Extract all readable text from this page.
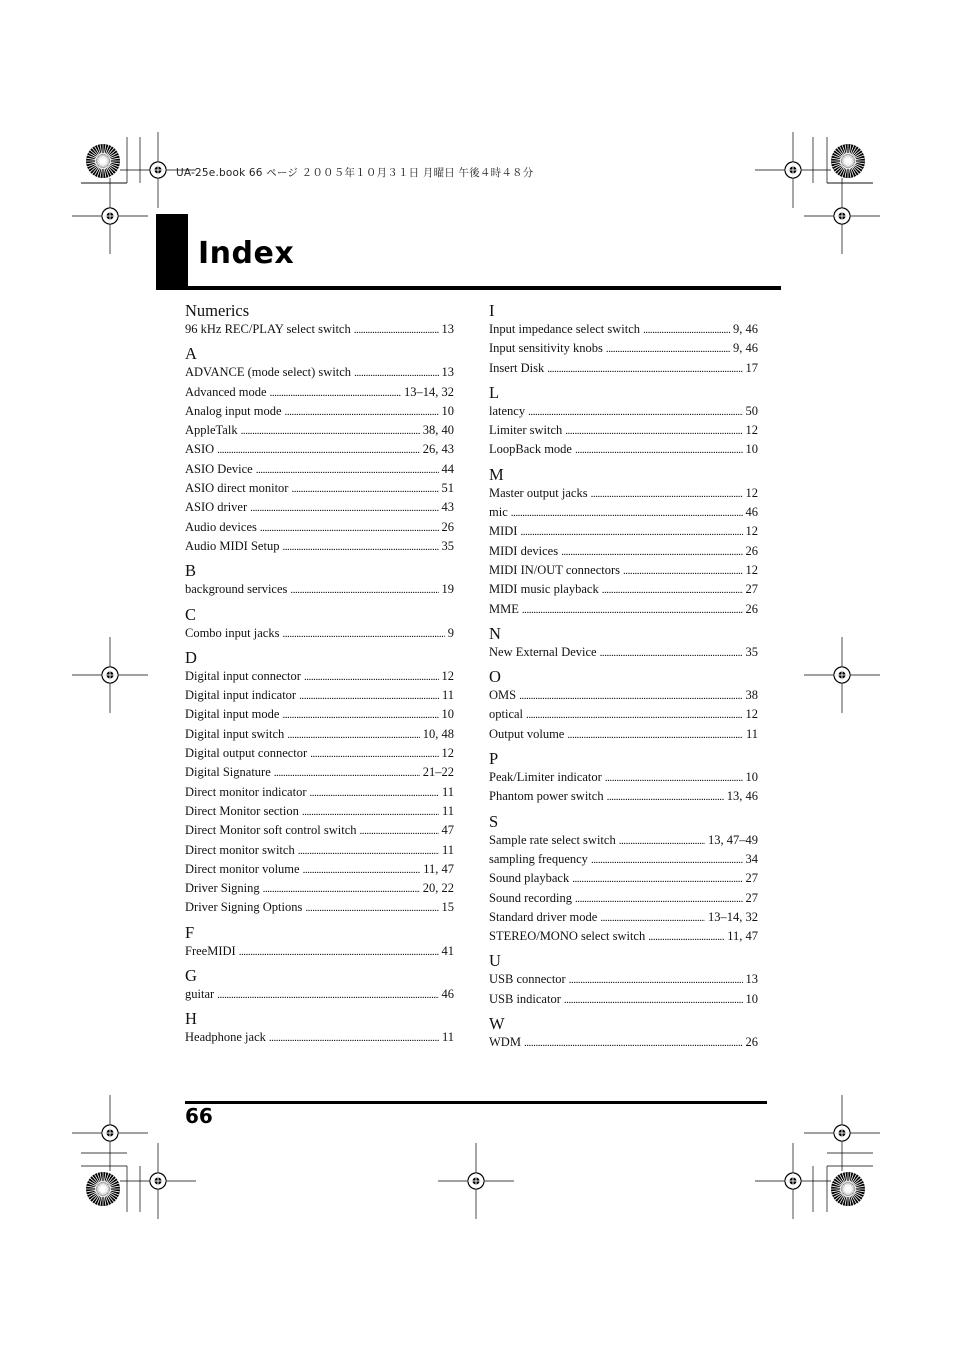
UA-25e.book 66 ページ ２００５年１０月３１日 月曜日 午後４時４８分
Index
Numerics
96 kHz REC/PLAY select switch . . .	13
A
ADVANCE (mode select) switch . . .	13
Advanced mode . . .	13–14, 32
Analog input mode . . .	10
AppleTalk . . .	38, 40
ASIO . . .	26, 43
ASIO Device . . .	44
ASIO direct monitor . . .	51
ASIO driver . . .	43
Audio devices . . .	26
Audio MIDI Setup . . .	35
B
background services . . .	19
C
Combo input jacks . . .	9
D
Digital input connector . . .	12
Digital input indicator . . .	11
Digital input mode . . .	10
Digital input switch . . .	10, 48
Digital output connector . . .	12
Digital Signature . . .	21–22
Direct monitor indicator . . .	11
Direct Monitor section . . .	11
Direct Monitor soft control switch . . .	47
Direct monitor switch . . .	11
Direct monitor volume . . .	11, 47
Driver Signing . . .	20, 22
Driver Signing Options . . .	15
F
FreeMIDI . . .	41
G
guitar . . .	46
H
Headphone jack . . .	11
I
Input impedance select switch . . .	9, 46
Input sensitivity knobs . . .	9, 46
Insert Disk . . .	17
L
latency . . .	50
Limiter switch . . .	12
LoopBack mode . . .	10
M
Master output jacks . . .	12
mic . . .	46
MIDI . . .	12
MIDI devices . . .	26
MIDI IN/OUT connectors . . .	12
MIDI music playback . . .	27
MME . . .	26
N
New External Device . . .	35
O
OMS . . .	38
optical . . .	12
Output volume . . .	11
P
Peak/Limiter indicator . . .	10
Phantom power switch . . .	13, 46
S
Sample rate select switch . . .	13, 47–49
sampling frequency . . .	34
Sound playback . . .	27
Sound recording . . .	27
Standard driver mode . . .	13–14, 32
STEREO/MONO select switch . . .	11, 47
U
USB connector . . .	13
USB indicator . . .	10
W
WDM . . .	26
66
